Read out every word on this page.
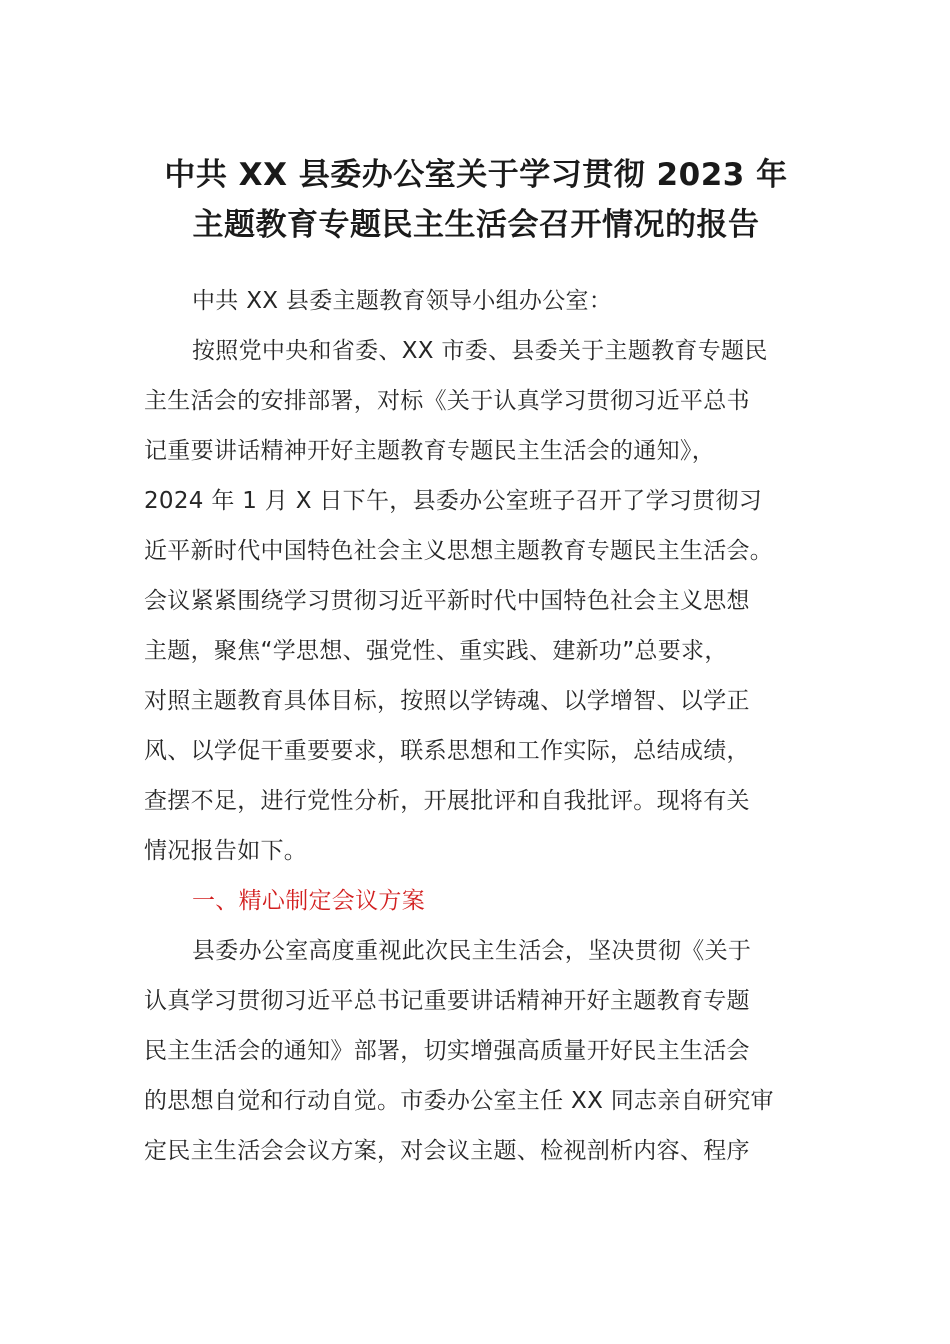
中共 XX 县委办公室关于学习贯彻 2023 年
主题教育专题民主生活会召开情况的报告
中共 XX 县委主题教育领导小组办公室：
按照党中央和省委、XX 市委、县委关于主题教育专题民
主生活会的安排部署，对标《关于认真学习贯彻习近平总书
记重要讲话精神开好主题教育专题民主生活会的通知》，
2024 年 1 月 X 日下午，县委办公室班子召开了学习贯彻习
近平新时代中国特色社会主义思想主题教育专题民主生活会。
会议紧紧围绕学习贯彻习近平新时代中国特色社会主义思想
主题，聚焦“学思想、强党性、重实践、建新功”总要求，
对照主题教育具体目标，按照以学铸魂、以学增智、以学正
风、以学促干重要要求，联系思想和工作实际，总结成绩，
查摆不足，进行党性分析，开展批评和自我批评。现将有关
情况报告如下。
一、精心制定会议方案
县委办公室高度重视此次民主生活会，坚决贯彻《关于
认真学习贯彻习近平总书记重要讲话精神开好主题教育专题
民主生活会的通知》部署，切实增强高质量开好民主生活会
的思想自觉和行动自觉。市委办公室主任 XX 同志亲自研究审
定民主生活会会议方案，对会议主题、检视剖析内容、程序
